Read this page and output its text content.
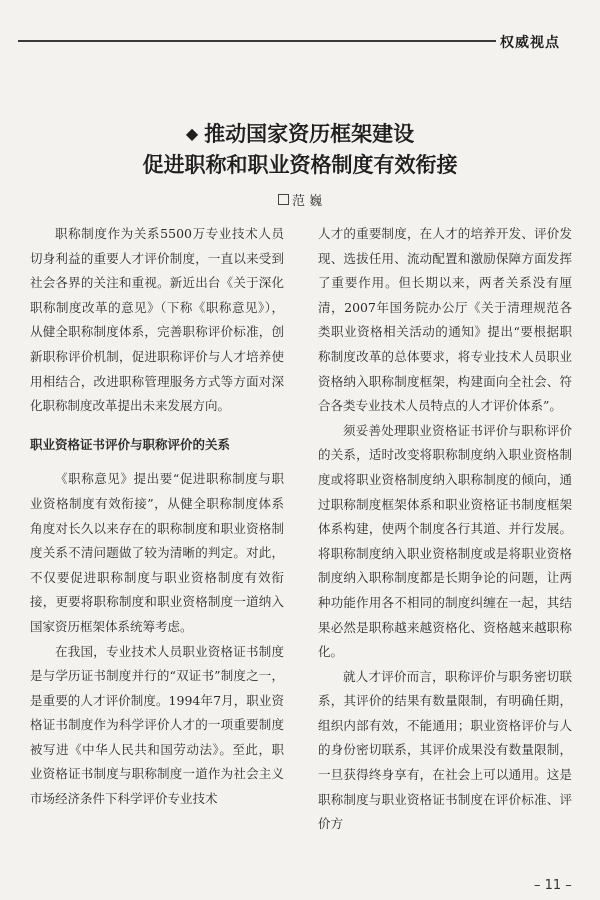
权威视点
◆ 推动国家资历框架建设
促进职称和职业资格制度有效衔接
范 巍

职称制度作为关系5500万专业技术人员切身利益的重要人才评价制度，一直以来受到社会各界的关注和重视。新近出台《关于深化职称制度改革的意见》（下称《职称意见》），从健全职称制度体系，完善职称评价标准，创新职称评价机制，促进职称评价与人才培养使用相结合，改进职称管理服务方式等方面对深化职称制度改革提出未来发展方向。

职业资格证书评价与职称评价的关系

《职称意见》提出要“促进职称制度与职业资格制度有效衔接”，从健全职称制度体系角度对长久以来存在的职称制度和职业资格制度关系不清问题做了较为清晰的判定。对此，不仅要促进职称制度与职业资格制度有效衔接，更要将职称制度和职业资格制度一道纳入国家资历框架体系统筹考虑。

在我国，专业技术人员职业资格证书制度是与学历证书制度并行的“双证书”制度之一，是重要的人才评价制度。1994年7月，职业资格证书制度作为科学评价人才的一项重要制度被写进《中华人民共和国劳动法》。至此，职业资格证书制度与职称制度一道作为社会主义市场经济条件下科学评价专业技术

人才的重要制度，在人才的培养开发、评价发现、选拔任用、流动配置和激励保障方面发挥了重要作用。但长期以来，两者关系没有厘清，2007年国务院办公厅《关于清理规范各类职业资格相关活动的通知》提出“要根据职称制度改革的总体要求，将专业技术人员职业资格纳入职称制度框架，构建面向全社会、符合各类专业技术人员特点的人才评价体系”。

须妥善处理职业资格证书评价与职称评价的关系，适时改变将职称制度纳入职业资格制度或将职业资格制度纳入职称制度的倾向，通过职称制度框架体系和职业资格证书制度框架体系构建，使两个制度各行其道、并行发展。将职称制度纳入职业资格制度或是将职业资格制度纳入职称制度都是长期争论的问题，让两种功能作用各不相同的制度纠缠在一起，其结果必然是职称越来越资格化、资格越来越职称化。

就人才评价而言，职称评价与职务密切联系，其评价的结果有数量限制，有明确任期，组织内部有效，不能通用；职业资格评价与人的身份密切联系，其评价成果没有数量限制，一旦获得终身享有，在社会上可以通用。这是职称制度与职业资格证书制度在评价标准、评价方

– 11 –
